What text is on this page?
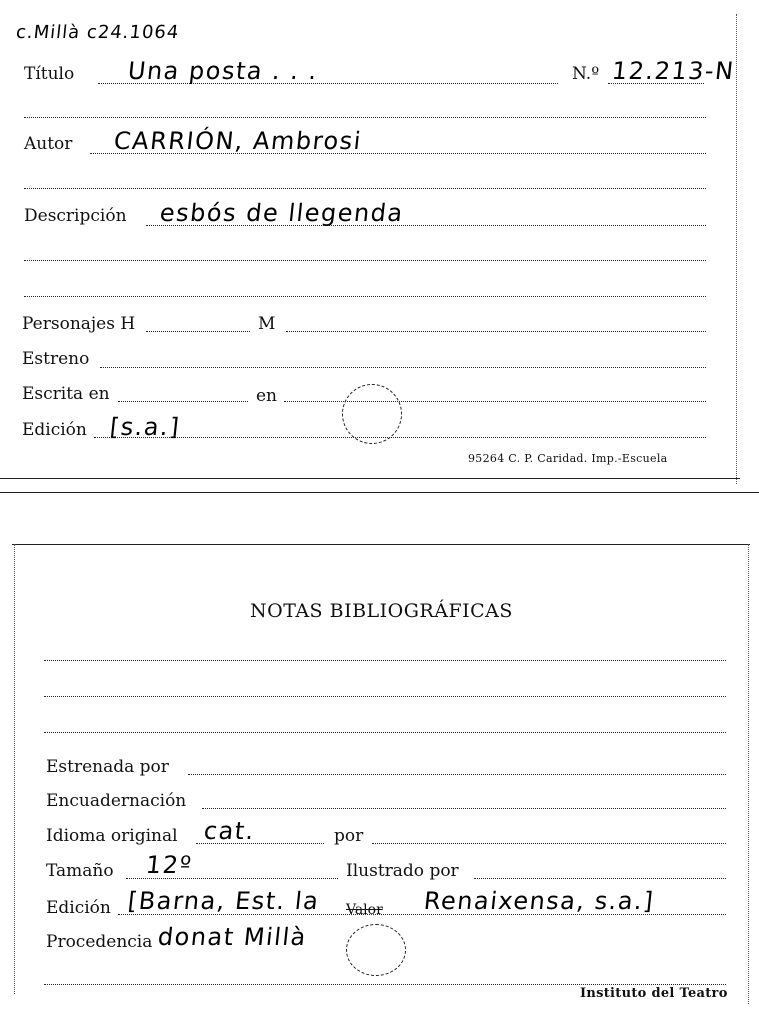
c.Millà c24.1064
Título Una posta . . .	N.º 12.213-N
Autor CARRIÓN, Ambrosi
Descripción esbós de llegenda
Personajes H	M
Estreno
Escrita en	en
Edición [s.a.]
95264 C. P. Caridad. Imp.-Escuela
NOTAS BIBLIOGRÁFICAS
Estrenada por
Encuadernación
Idioma original cat.	por
Tamaño 12º	Ilustrado por
Edición [Barna, Est. la Valor Renaixensa, s.a.]
Procedencia donat Millà
Instituto del Teatro
